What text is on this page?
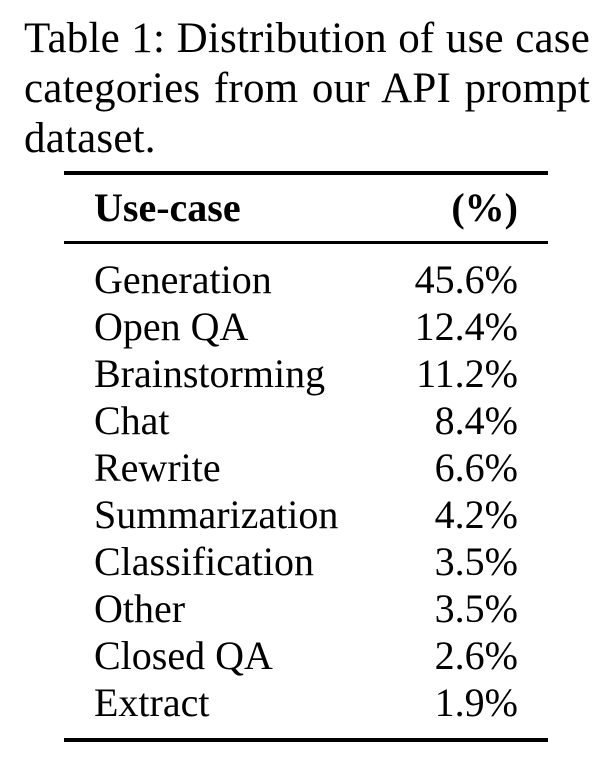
Table 1: Distribution of use case categories from our API prompt dataset.
Use-case	(%)
Generation	45.6%
Open QA	12.4%
Brainstorming 11.2%
Chat	8.4%
Rewrite	6.6%
Summarization 4.2%
Classification	3.5%
Other	3.5%
Closed QA	2.6%
Extract	1.9%
